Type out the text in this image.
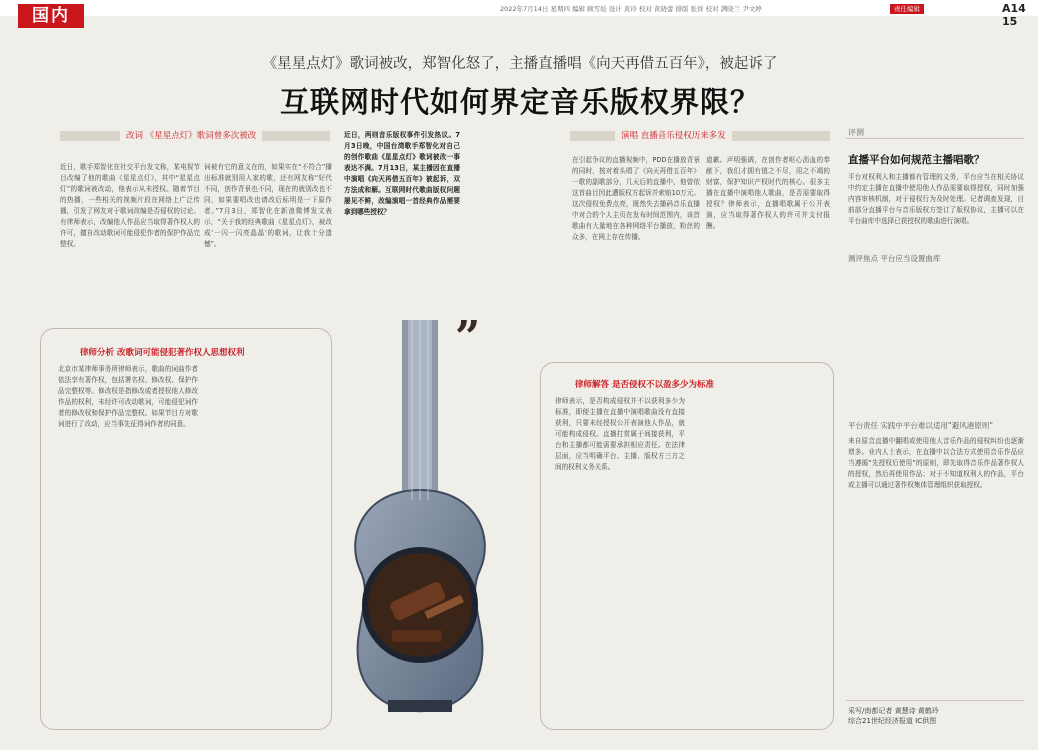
国内	2022年7月14日 星期四 编辑 顾雪姣 设计 黄玲 校对 黄晓蕾 排版 张祥 校对 满晓兰 尹文婷	责任编辑	A14 15
《星星点灯》歌词被改，郑智化怒了，主播直播唱《向天再借五百年》，被起诉了
互联网时代如何界定音乐版权界限？
改词 《星星点灯》歌词曾多次被改	演唱 直播音乐侵权历来多发
近日，歌手郑智化在社交平台发文称，某电视节目改编了他的歌曲《星星点灯》，其中“星星点灯”的歌词被改动，他表示从未授权。随着节目的热播，一些相关的视频片段在网络上广泛传播，引发了网友对于歌词改编是否侵权的讨论。有律师表示，改编他人作品应当取得著作权人的许可，擅自改动歌词可能侵犯作者的保护作品完整权。
词被有它的意义在的，如果实在“不符合”播出标准就别用人家的歌，还有网友称“好代不同，创作背景也不同，现在的就别改也不同，如果要唱改也请改后标明是一下原作者。”7月3日，郑智化在新浪微博发文表示，“关于我的经典歌曲《星星点灯》，被改成‘一闪一闪亮晶晶’的歌词，让我十分遗憾”。
近日，两则音乐版权事件引发热议。7月3日晚，中国台湾歌手郑智化对自己的创作歌曲《星星点灯》歌词被改一事表达不满。7月13日，某主播因在直播中演唱《向天再借五百年》被起诉，双方法成和解。互联网时代歌曲版权问题屡见不鲜，改编演唱一首经典作品需要拿到哪些授权？
在引起争议的直播视频中，PDD在播放背景的同时，按对着头唱了《向天再借五百年》一歌的副歌部分，几天后的直播中，他曾依这首曲目因此遭版权方起诉并索赔10万元。这次侵权免费点亮，既然失去播码音乐直播中对合的个人主页在发布时间范围内，该首歌曲有大量地在各种网络平台播放，粉丝的众多，在网上存在传播。
道歉。声明强调，在创作者呕心沥血的奉献下，我们才拥有值之不尽，用之不竭的财富，保护知识产权时代的核心。很多主播在直播中演唱他人歌曲，是否需要取得授权？律师表示，直播唱歌属于公开表演，应当取得著作权人的许可并支付报酬。
”
律师分析 改歌词可能侵犯著作权人思想权利
北京市某律师事务所律师表示，歌曲的词曲作者依法享有著作权，包括署名权、修改权、保护作品完整权等。修改权是指修改或者授权他人修改作品的权利，未经许可改动歌词，可能侵犯词作者的修改权和保护作品完整权。如果节目方对歌词进行了改动，应当事先征得词作者的同意。
律师解答 是否侵权不以盈多少为标准
律师表示，是否构成侵权并不以获利多少为标准，即便主播在直播中演唱歌曲没有直接获利，只要未经授权公开表演他人作品，就可能构成侵权。直播打赏属于间接获利，平台和主播都可能需要承担相应责任。在法律层面，应当明确平台、主播、版权方三方之间的权利义务关系。
评测
直播平台如何规范主播唱歌？
平台对权利人和主播都有管理的义务，平台应当在相关协议中约定主播在直播中使用他人作品需要取得授权，同时加强内容审核机制，对于侵权行为及时处理。记者调查发现，目前部分直播平台与音乐版权方签订了版权协议，主播可以在平台曲库中选择已获授权的歌曲进行演唱。
测评焦点 平台应当设置曲库
平台责任 实践中平台难以适用“避风港原则”
来自原音直播中翻唱或使用他人音乐作品的侵权纠纷也逐渐增多。业内人士表示，在直播中以合法方式使用音乐作品应当遵循“先授权后使用”的原则，即先取得音乐作品著作权人的授权，然后再使用作品；对于不知道权利人的作品，平台或主播可以通过著作权集体管理组织获取授权。
采写/南都记者 黄慧诗 黄鹤玲
综合21世纪经济报道 IC供图
